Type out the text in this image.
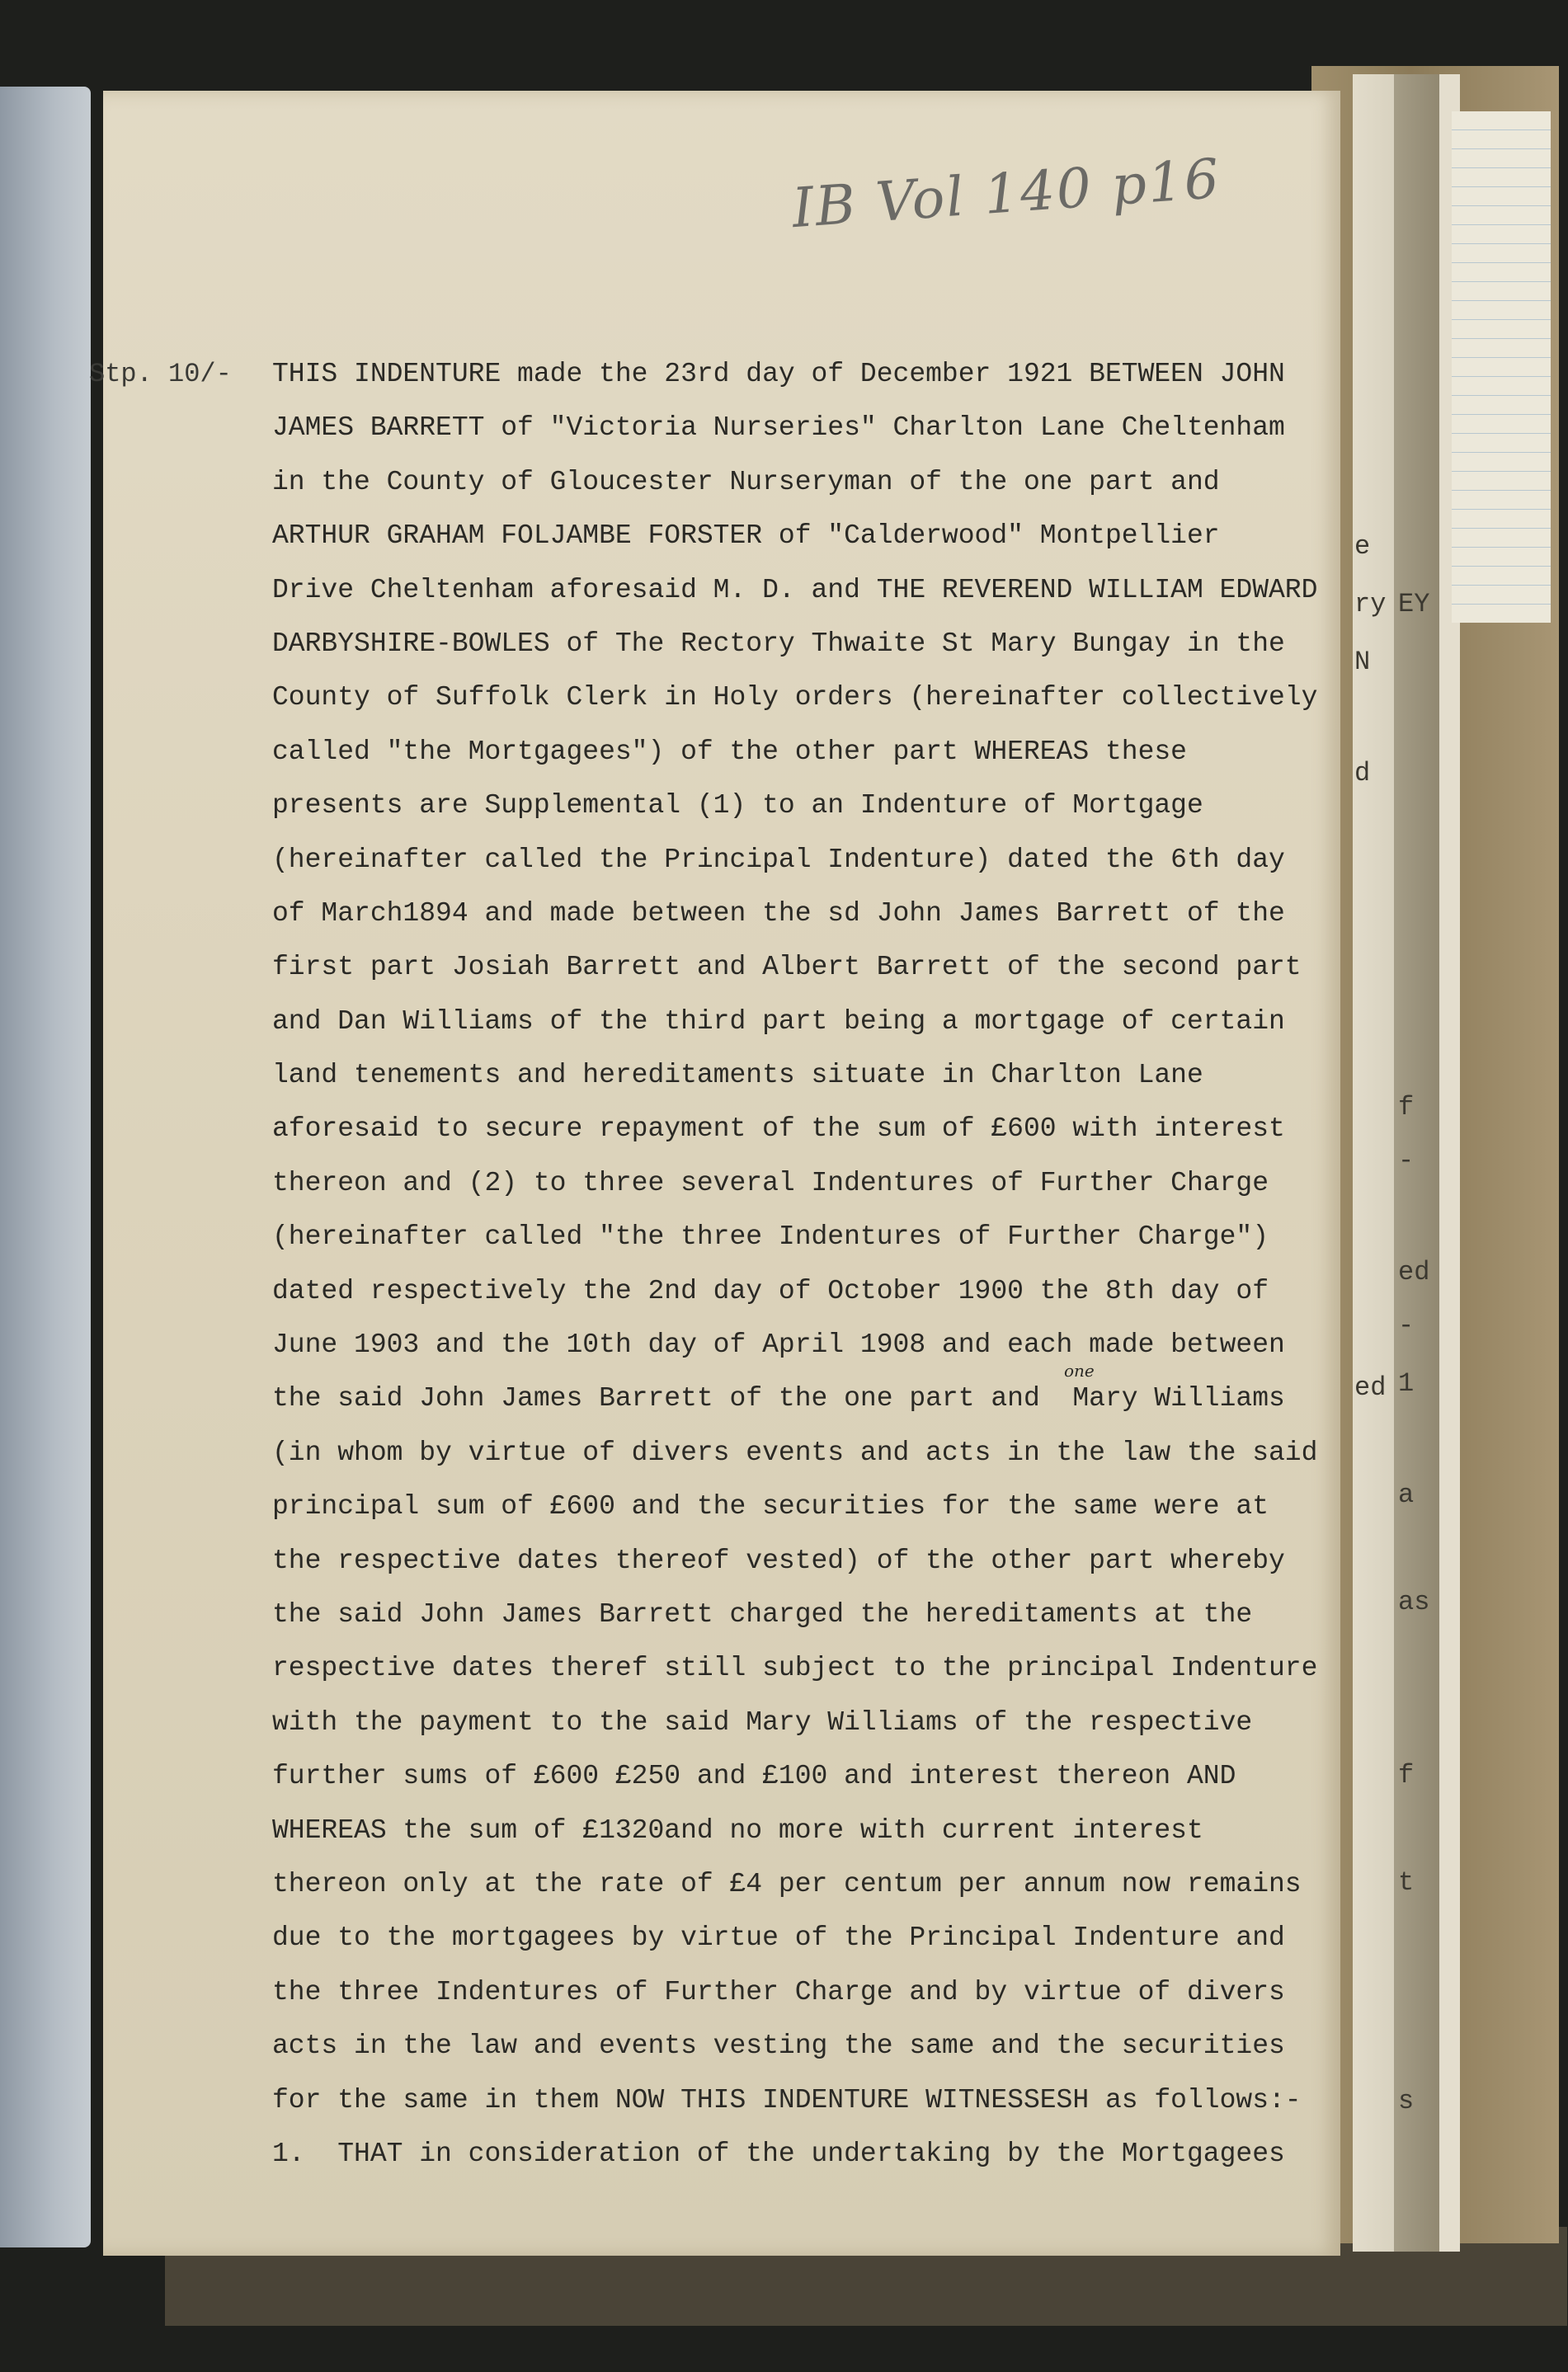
e
ry
N
d
ed
EY
f
-
ed
-
1
a
as
f
t
s
IB Vol 140 p16
Stp. 10/-
one
THIS INDENTURE made the 23rd day of December 1921 BETWEEN JOHN
JAMES BARRETT of "Victoria Nurseries" Charlton Lane Cheltenham
in the County of Gloucester Nurseryman of the one part and
ARTHUR GRAHAM FOLJAMBE FORSTER of "Calderwood" Montpellier
Drive Cheltenham aforesaid M. D. and THE REVEREND WILLIAM EDWARD
DARBYSHIRE-BOWLES of The Rectory Thwaite St Mary Bungay in the
County of Suffolk Clerk in Holy orders (hereinafter collectively
called "the Mortgagees") of the other part WHEREAS these
presents are Supplemental (1) to an Indenture of Mortgage
(hereinafter called the Principal Indenture) dated the 6th day
of March1894 and made between the sd John James Barrett of the
first part Josiah Barrett and Albert Barrett of the second part
and Dan Williams of the third part being a mortgage of certain
land tenements and hereditaments situate in Charlton Lane
aforesaid to secure repayment of the sum of £600 with interest
thereon and (2) to three several Indentures of Further Charge
(hereinafter called "the three Indentures of Further Charge")
dated respectively the 2nd day of October 1900 the 8th day of
June 1903 and the 10th day of April 1908 and each made between
the said John James Barrett of the one part and  Mary Williams
(in whom by virtue of divers events and acts in the law the said
principal sum of £600 and the securities for the same were at
the respective dates thereof vested) of the other part whereby
the said John James Barrett charged the hereditaments at the
respective dates theref still subject to the principal Indenture
with the payment to the said Mary Williams of the respective
further sums of £600 £250 and £100 and interest thereon AND
WHEREAS the sum of £1320and no more with current interest
thereon only at the rate of £4 per centum per annum now remains
due to the mortgagees by virtue of the Principal Indenture and
the three Indentures of Further Charge and by virtue of divers
acts in the law and events vesting the same and the securities
for the same in them NOW THIS INDENTURE WITNESSESH as follows:-
1.  THAT in consideration of the undertaking by the Mortgagees
